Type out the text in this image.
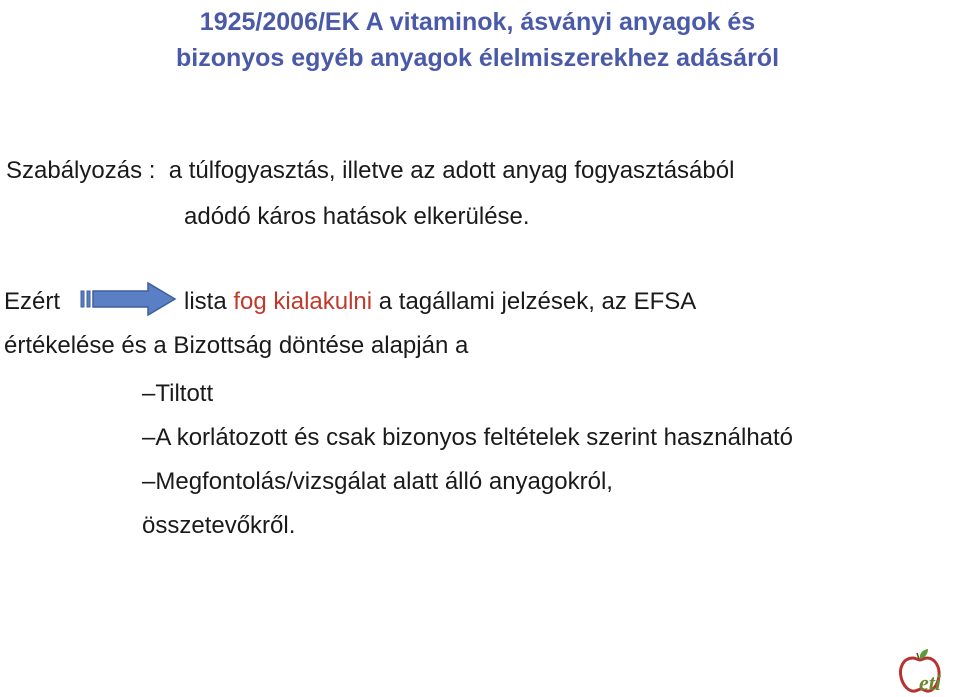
1925/2006/EK A vitaminok, ásványi anyagok és
bizonyos egyéb anyagok élelmiszerekhez adásáról
Szabályozás :  a túlfogyasztás, illetve az adott anyag fogyasztásából
adódó káros hatások elkerülése.
Ezért	lista fog kialakulni a tagállami jelzések, az EFSA
értékelése és a Bizottság döntése alapján a
–Tiltott
–A korlátozott és csak bizonyos feltételek szerint használható
–Megfontolás/vizsgálat alatt álló anyagokról, összetevőkről.
eti
